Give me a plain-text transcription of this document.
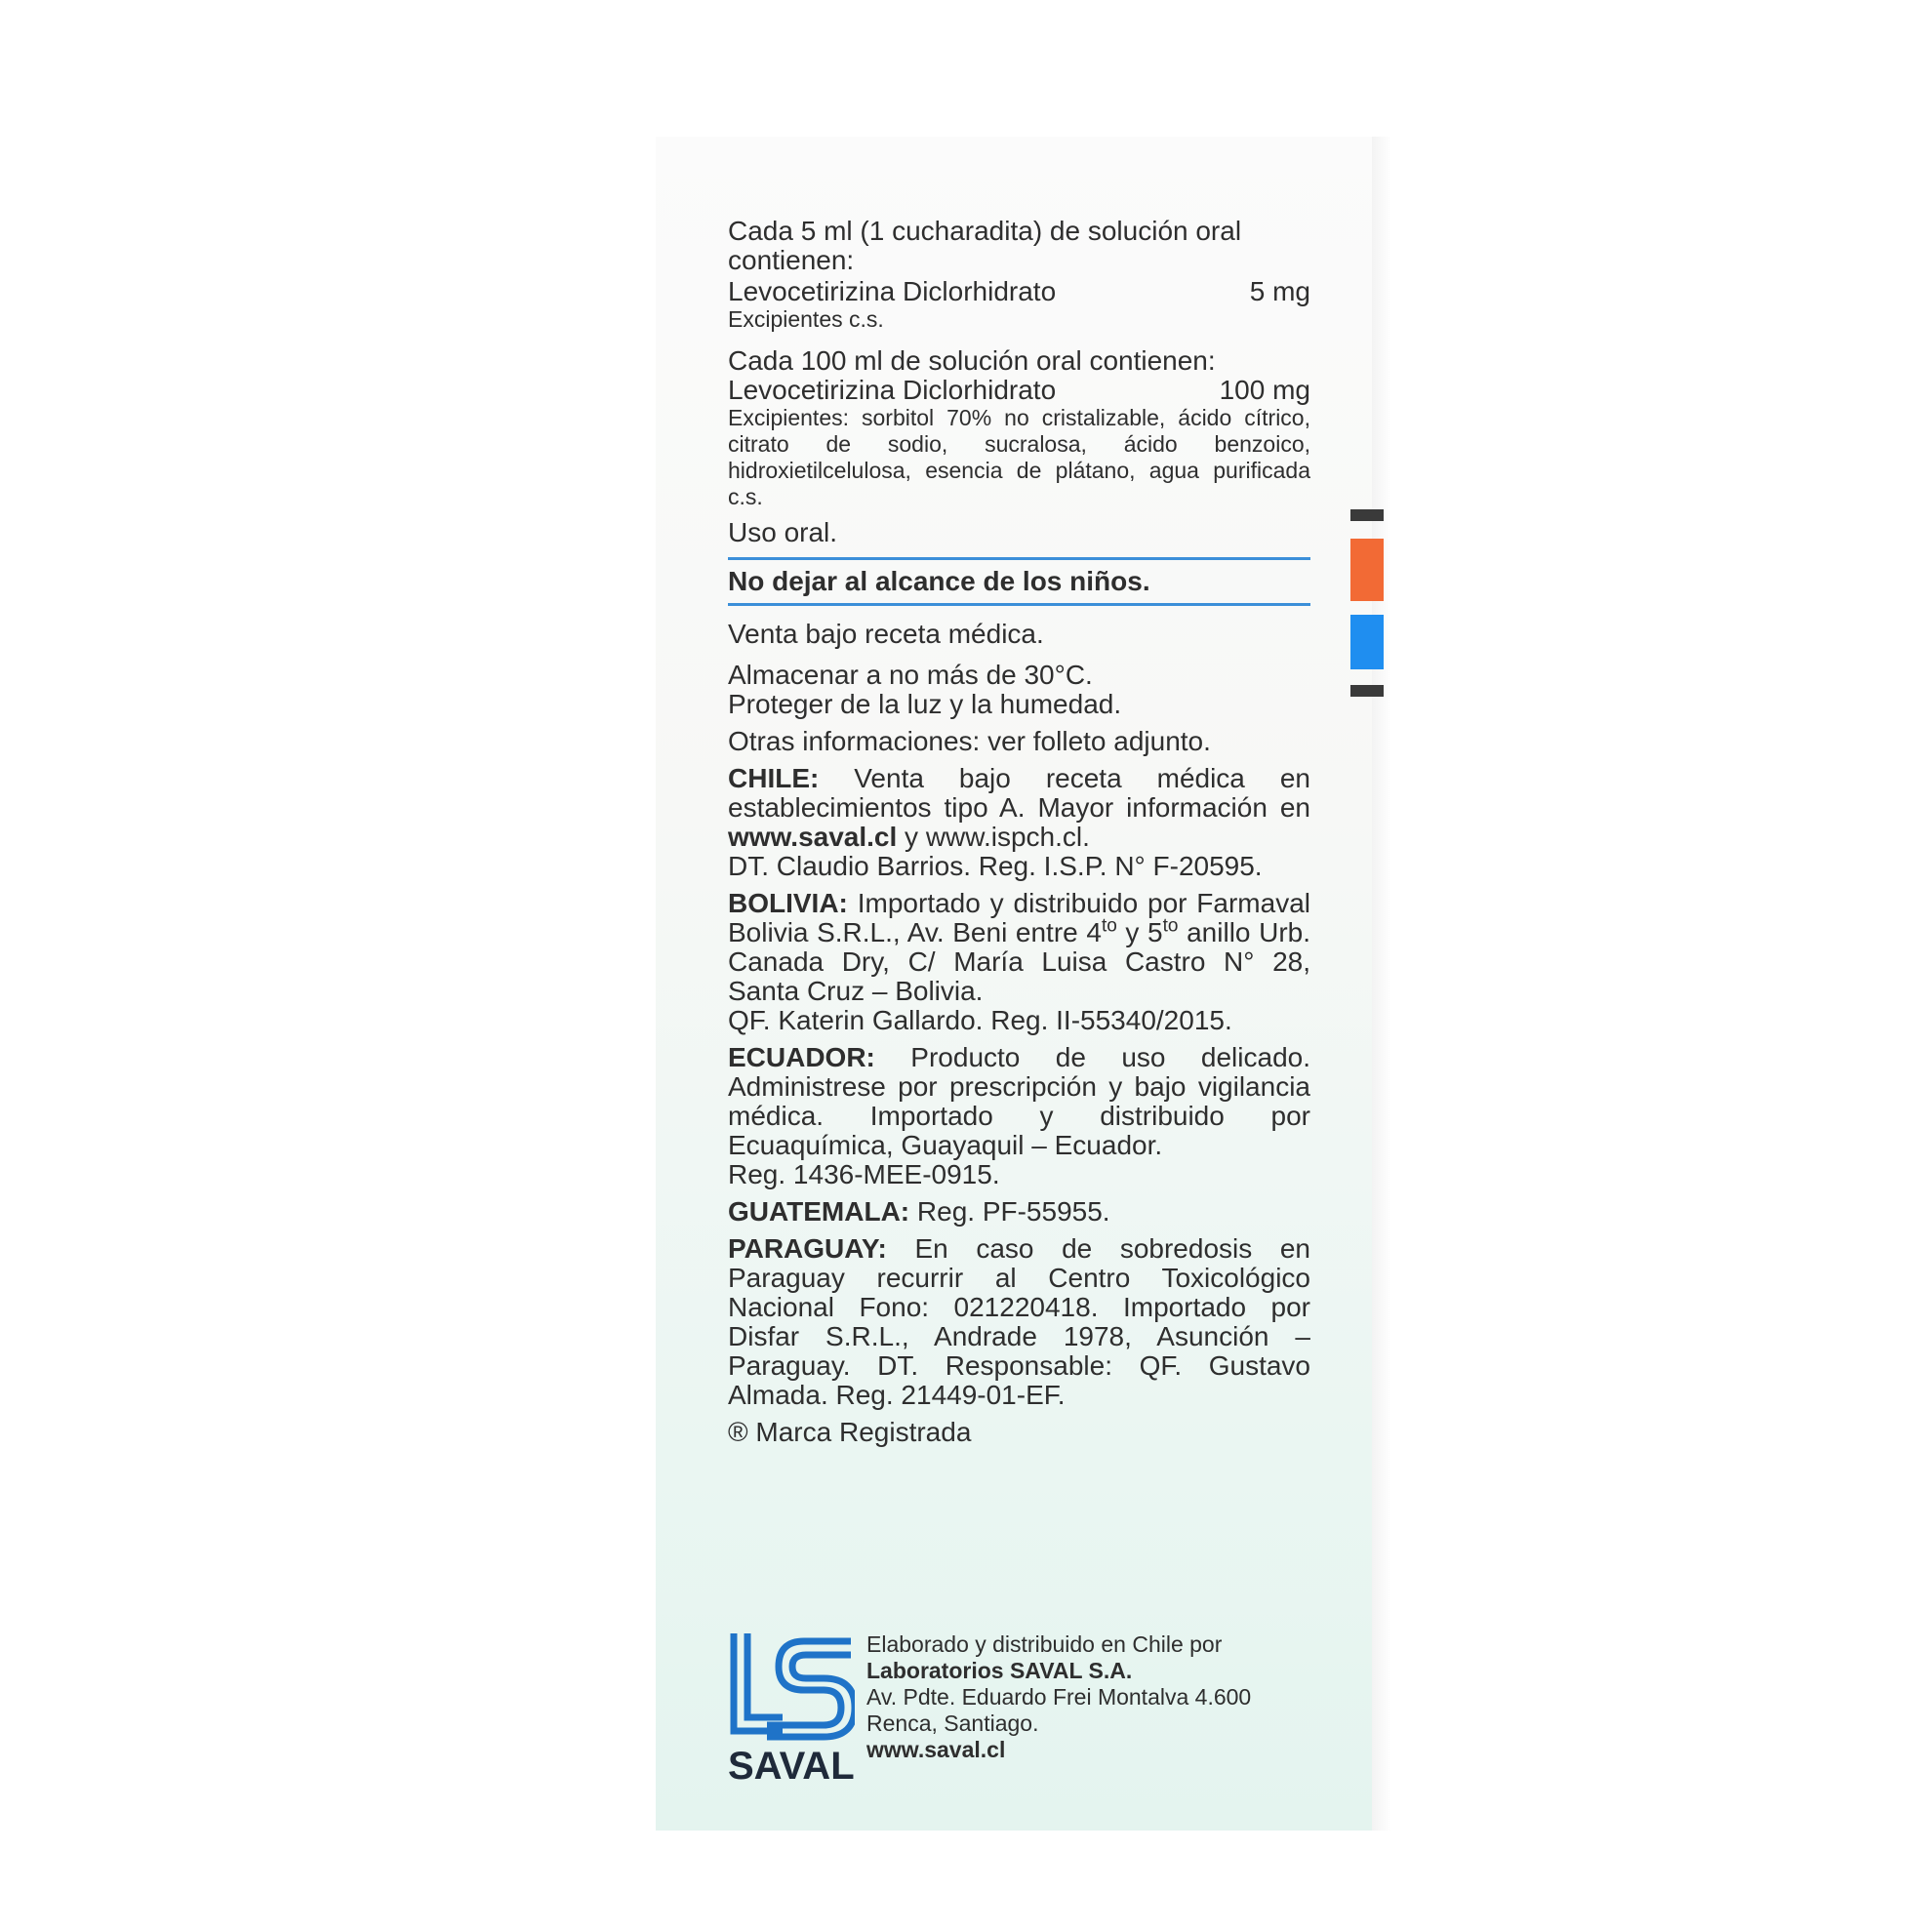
Cada 5 ml (1 cucharadita) de solución oral
contienen:
Levocetirizina Diclorhidrato	5 mg
Excipientes c.s.
Cada 100 ml de solución oral contienen:
Levocetirizina Diclorhidrato	100 mg
Excipientes: sorbitol 70% no cristalizable, ácido cítrico, citrato de sodio, sucralosa, ácido benzoico, hidroxietilcelulosa, esencia de plátano, agua purificada c.s.
Uso oral.
No dejar al alcance de los niños.
Venta bajo receta médica.
Almacenar a no más de 30°C.
Proteger de la luz y la humedad.
Otras informaciones: ver folleto adjunto.
CHILE: Venta bajo receta médica en establecimientos tipo A. Mayor información en www.saval.cl y www.ispch.cl.
DT. Claudio Barrios. Reg. I.S.P. N° F-20595.
BOLIVIA: Importado y distribuido por Farmaval Bolivia S.R.L., Av. Beni entre $4^{to}$ y $5^{to}$ anillo Urb. Canada Dry, C/ María Luisa Castro N° 28, Santa Cruz – Bolivia.
QF. Katerin Gallardo. Reg. II-55340/2015.
ECUADOR: Producto de uso delicado. Administrese por prescripción y bajo vigilancia médica. Importado y distribuido por Ecuaquímica, Guayaquil – Ecuador.
Reg. 1436-MEE-0915.
GUATEMALA: Reg. PF-55955.
PARAGUAY: En caso de sobredosis en Paraguay recurrir al Centro Toxicológico Nacional Fono: 021220418. Importado por Disfar S.R.L., Andrade 1978, Asunción – Paraguay. DT. Responsable: QF. Gustavo Almada. Reg. 21449-01-EF.
® Marca Registrada
SAVAL
Elaborado y distribuido en Chile por
Laboratorios SAVAL S.A.
Av. Pdte. Eduardo Frei Montalva 4.600
Renca, Santiago.
www.saval.cl
